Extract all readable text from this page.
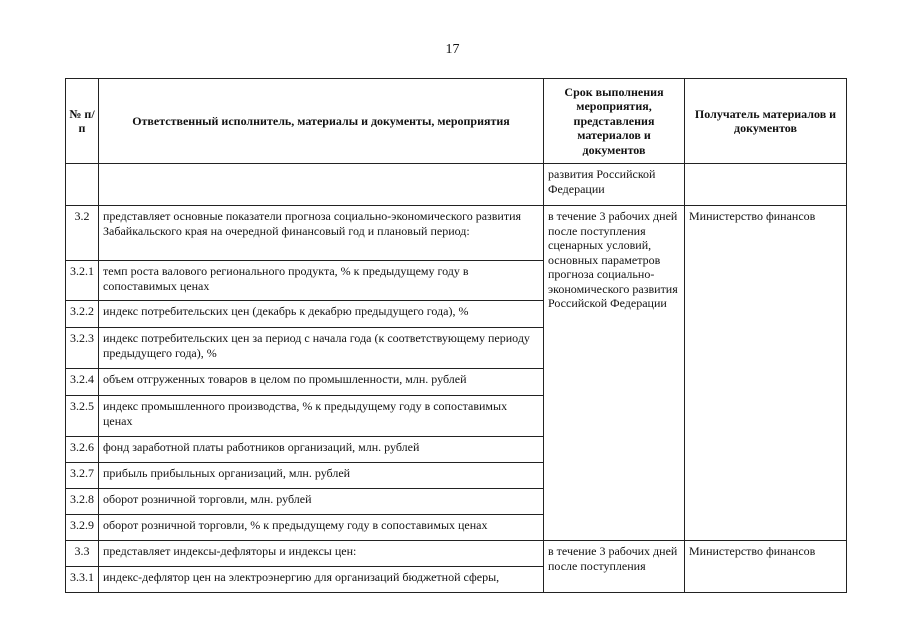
17
№ п/п	Ответственный исполнитель, материалы и документы, мероприятия	Срок выполнения мероприятия, представления материалов и документов	Получатель материалов и документов
		развития Российской Федерации	
3.2	представляет основные показатели прогноза социально-экономического развития Забайкальского края на очередной финансовый год и плановый период:	в течение 3 рабочих дней после поступления сценарных условий, основных параметров прогноза социально-экономического развития Российской Федерации	Министерство финансов
3.2.1	темп роста валового регионального продукта, % к предыдущему году в сопоставимых ценах		
3.2.2	индекс потребительских цен (декабрь к декабрю предыдущего года), %		
3.2.3	индекс потребительских цен за период с начала года (к соответствующему периоду предыдущего года), %		
3.2.4	объем отгруженных товаров в целом по промышленности, млн. рублей		
3.2.5	индекс промышленного производства, % к предыдущему году в сопоставимых ценах		
3.2.6	фонд заработной платы работников организаций, млн. рублей		
3.2.7	прибыль прибыльных организаций, млн. рублей		
3.2.8	оборот розничной торговли, млн. рублей		
3.2.9	оборот розничной торговли, % к предыдущему году в сопоставимых ценах		
3.3	представляет индексы-дефляторы и индексы цен:	в течение 3 рабочих дней после поступления	Министерство финансов
3.3.1	индекс-дефлятор цен на электроэнергию для организаций бюджетной сферы,		
